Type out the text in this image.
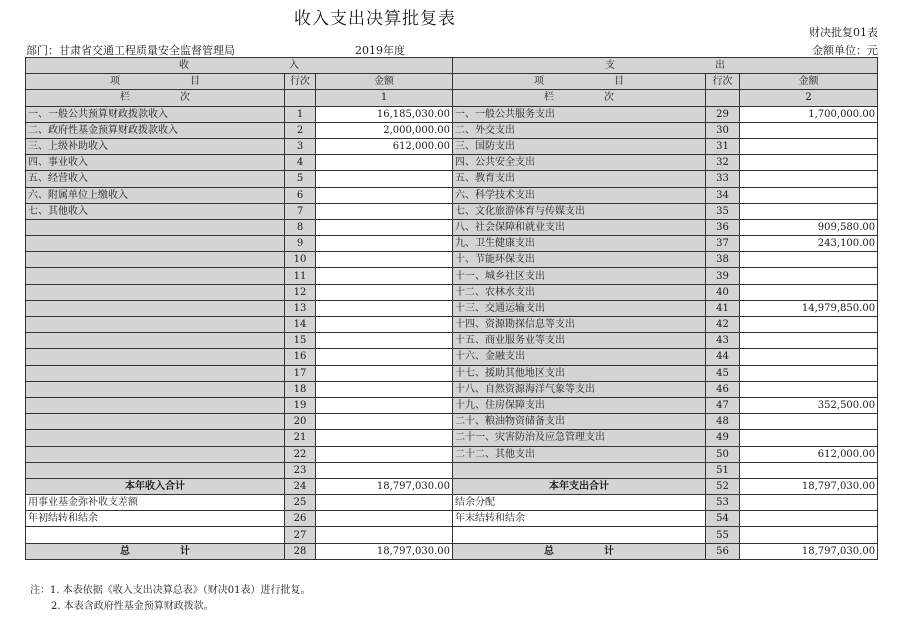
收入支出决算批复表
财决批复01表
部门：甘肃省交通工程质量安全监督管理局	2019年度	金额单位：元
收　　　　　　　　　　入			支　　　　　　　　　　出		
项　　　　　　　目	行次	金额	项　　　　　　　目	行次	金额
栏　　　　　次		1	栏　　　　　次		2
一、一般公共预算财政拨款收入	1	16,185,030.00	一、一般公共服务支出	29	1,700,000.00
二、政府性基金预算财政拨款收入	2	2,000,000.00	二、外交支出	30	
三、上级补助收入	3	612,000.00	三、国防支出	31	
四、事业收入	4		四、公共安全支出	32	
五、经营收入	5		五、教育支出	33	
六、附属单位上缴收入	6		六、科学技术支出	34	
七、其他收入	7		七、文化旅游体育与传媒支出	35	
	8		八、社会保障和就业支出	36	909,580.00
	9		九、卫生健康支出	37	243,100.00
	10		十、节能环保支出	38	
	11		十一、城乡社区支出	39	
	12		十二、农林水支出	40	
	13		十三、交通运输支出	41	14,979,850.00
	14		十四、资源勘探信息等支出	42	
	15		十五、商业服务业等支出	43	
	16		十六、金融支出	44	
	17		十七、援助其他地区支出	45	
	18		十八、自然资源海洋气象等支出	46	
	19		十九、住房保障支出	47	352,500.00
	20		二十、粮油物资储备支出	48	
	21		二十一、灾害防治及应急管理支出	49	
	22		二十二、其他支出	50	612,000.00
	23			51	
本年收入合计	24	18,797,030.00	本年支出合计	52	18,797,030.00
用事业基金弥补收支差额	25		结余分配	53	
年初结转和结余	26		年末结转和结余	54	
	27			55	
总　　　　　计	28	18,797,030.00	总　　　　　计	56	18,797,030.00
注：1. 本表依据《收入支出决算总表》（财决01表）进行批复。
2. 本表含政府性基金预算财政拨款。
